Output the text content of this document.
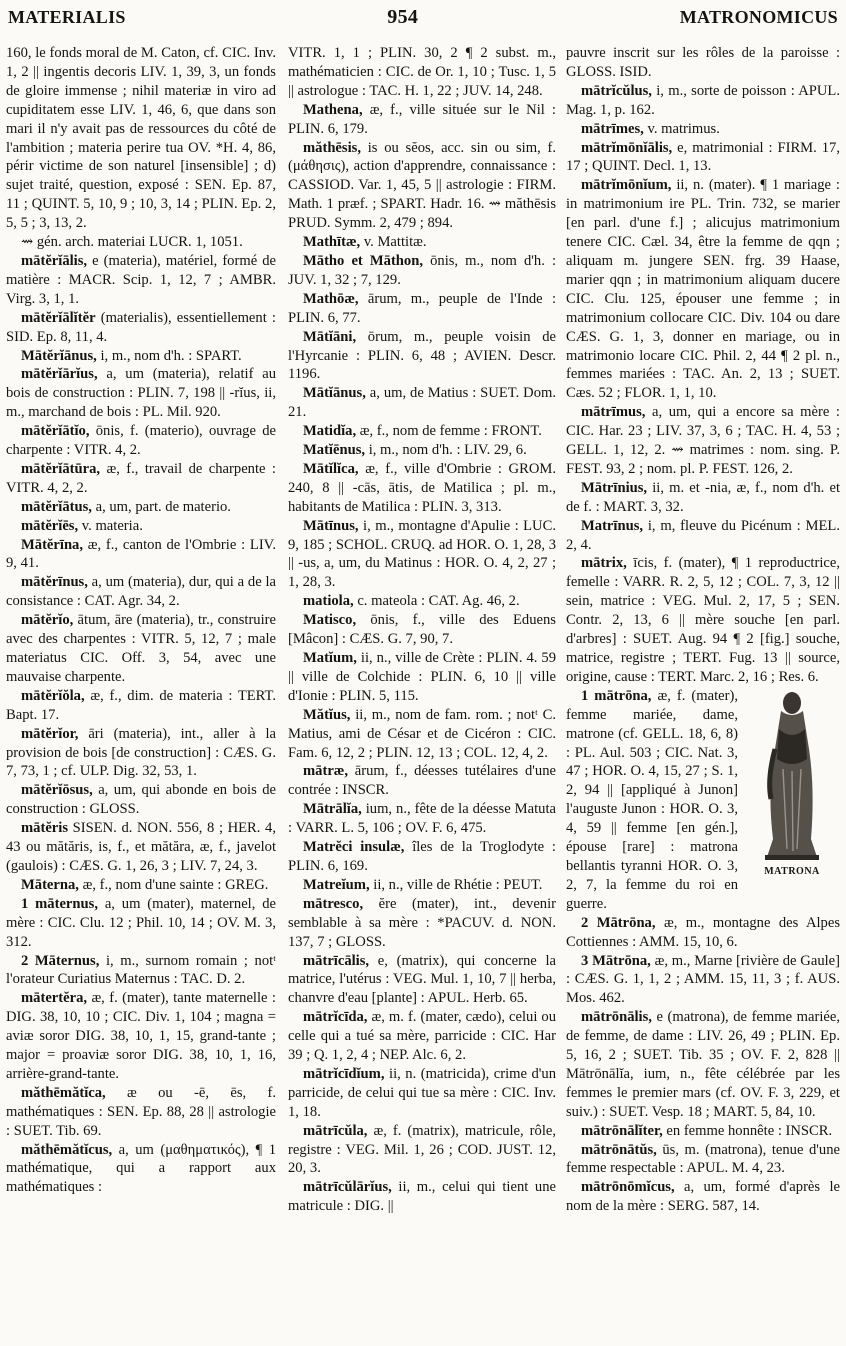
MATERIALIS	954	MATRONOMICUS

160, le fonds moral de M. Caton, cf. CIC. Inv. 1, 2 || ingentis decoris LIV. 1, 39, 3, un fonds de gloire immense ; nihil materiæ in viro ad cupiditatem esse LIV. 1, 46, 6, que dans son mari il n'y avait pas de ressources du côté de l'ambition ; materia perire tua OV. *H. 4, 86, périr victime de son naturel [insensible] ; d) sujet traité, question, exposé : SEN. Ep. 87, 11 ; QUINT. 5, 10, 9 ; 10, 3, 14 ; PLIN. Ep. 2, 5, 5 ; 3, 13, 2.

⇝ gén. arch. materiai LUCR. 1, 1051.

mātĕrĭālis, e (materia), matériel, formé de matière : MACR. Scip. 1, 12, 7 ; AMBR. Virg. 3, 1, 1.

mātĕrĭālĭtĕr (materialis), essentiellement : SID. Ep. 8, 11, 4.

Mātĕrĭānus, i, m., nom d'h. : SPART.

mātĕrĭārĭus, a, um (materia), relatif au bois de construction : PLIN. 7, 198 || -rĭus, ii, m., marchand de bois : PL. Mil. 920.

mātĕrĭātĭo, ōnis, f. (materio), ouvrage de charpente : VITR. 4, 2.

mātĕrĭātūra, æ, f., travail de charpente : VITR. 4, 2, 2.

mātĕrĭātus, a, um, part. de materio.

mātĕrĭēs, v. materia.

Mātĕrīna, æ, f., canton de l'Ombrie : LIV. 9, 41.

mātĕrīnus, a, um (materia), dur, qui a de la consistance : CAT. Agr. 34, 2.

mātĕrĭo, ātum, āre (materia), tr., construire avec des charpentes : VITR. 5, 12, 7 ; male materiatus CIC. Off. 3, 54, avec une mauvaise charpente.

mātĕrĭŏla, æ, f., dim. de materia : TERT. Bapt. 17.

mātĕrĭor, āri (materia), int., aller à la provision de bois [de construction] : CÆS. G. 7, 73, 1 ; cf. ULP. Dig. 32, 53, 1.

mātĕrĭōsus, a, um, qui abonde en bois de construction : GLOSS.

mātĕris SISEN. d. NON. 556, 8 ; HER. 4, 43 ou mătăris, is, f., et mătăra, æ, f., javelot (gaulois) : CÆS. G. 1, 26, 3 ; LIV. 7, 24, 3.

Māterna, æ, f., nom d'une sainte : GREG.

1 māternus, a, um (mater), maternel, de mère : CIC. Clu. 12 ; Phil. 10, 14 ; OV. M. 3, 312.

2 Māternus, i, m., surnom romain ; notᵗ l'orateur Curiatius Maternus : TAC. D. 2.

mātertĕra, æ, f. (mater), tante maternelle : DIG. 38, 10, 10 ; CIC. Div. 1, 104 ; magna = aviæ soror DIG. 38, 10, 1, 15, grand-tante ; major = proaviæ soror DIG. 38, 10, 1, 16, arrière-grand-tante.

măthēmătĭca, æ ou -ē, ēs, f. mathématiques : SEN. Ep. 88, 28 || astrologie : SUET. Tib. 69.

măthēmătĭcus, a, um (μαθηματικός), ¶ 1 mathématique, qui a rapport aux mathématiques :

VITR. 1, 1 ; PLIN. 30, 2 ¶ 2 subst. m., mathématicien : CIC. de Or. 1, 10 ; Tusc. 1, 5 || astrologue : TAC. H. 1, 22 ; JUV. 14, 248.

Mathena, æ, f., ville située sur le Nil : PLIN. 6, 179.

măthēsis, is ou sĕos, acc. sin ou sim, f. (μάθησις), action d'apprendre, connaissance : CASSIOD. Var. 1, 45, 5 || astrologie : FIRM. Math. 1 præf. ; SPART. Hadr. 16. ⇝ măthēsis PRUD. Symm. 2, 479 ; 894.

Mathītæ, v. Mattitæ.

Mātho et Māthon, ōnis, m., nom d'h. : JUV. 1, 32 ; 7, 129.

Mathōæ, ārum, m., peuple de l'Inde : PLIN. 6, 77.

Mātĭāni, ōrum, m., peuple voisin de l'Hyrcanie : PLIN. 6, 48 ; AVIEN. Descr. 1196.

Mātĭānus, a, um, de Matius : SUET. Dom. 21.

Matidĭa, æ, f., nom de femme : FRONT.

Matĭēnus, i, m., nom d'h. : LIV. 29, 6.

Mātĭlĭca, æ, f., ville d'Ombrie : GROM. 240, 8 || -cās, ātis, de Matilica ; pl. m., habitants de Matilica : PLIN. 3, 313.

Mātīnus, i, m., montagne d'Apulie : LUC. 9, 185 ; SCHOL. CRUQ. ad HOR. O. 1, 28, 3 || -us, a, um, du Matinus : HOR. O. 4, 2, 27 ; 1, 28, 3.

matiola, c. mateola : CAT. Ag. 46, 2.

Matisco, ōnis, f., ville des Eduens [Mâcon] : CÆS. G. 7, 90, 7.

Matĭum, ii, n., ville de Crète : PLIN. 4. 59 || ville de Colchide : PLIN. 6, 10 || ville d'Ionie : PLIN. 5, 115.

Mătĭus, ii, m., nom de fam. rom. ; notᵗ C. Matius, ami de César et de Cicéron : CIC. Fam. 6, 12, 2 ; PLIN. 12, 13 ; COL. 12, 4, 2.

mātræ, ārum, f., déesses tutélaires d'une contrée : INSCR.

Mātrālĭa, ium, n., fête de la déesse Matuta : VARR. L. 5, 106 ; OV. F. 6, 475.

Matrĕci insulæ, îles de la Troglodyte : PLIN. 6, 169.

Matreĭum, ii, n., ville de Rhétie : PEUT.

mātresco, ĕre (mater), int., devenir semblable à sa mère : *PACUV. d. NON. 137, 7 ; GLOSS.

mātrīcālis, e, (matrix), qui concerne la matrice, l'utérus : VEG. Mul. 1, 10, 7 || herba, chanvre d'eau [plante] : APUL. Herb. 65.

mātrĭcīda, æ, m. f. (mater, cædo), celui ou celle qui a tué sa mère, parricide : CIC. Har 39 ; Q. 1, 2, 4 ; NEP. Alc. 6, 2.

mātrĭcīdĭum, ii, n. (matricida), crime d'un parricide, de celui qui tue sa mère : CIC. Inv. 1, 18.

mātrīcŭla, æ, f. (matrix), matricule, rôle, registre : VEG. Mil. 1, 26 ; COD. JUST. 12, 20, 3.

mātrīcŭlārĭus, ii, m., celui qui tient une matricule : DIG. ||

pauvre inscrit sur les rôles de la paroisse : GLOSS. ISID.

mātrĭcŭlus, i, m., sorte de poisson : APUL. Mag. 1, p. 162.

mātrīmes, v. matrimus.

mātrĭmōnĭālis, e, matrimonial : FIRM. 17, 17 ; QUINT. Decl. 1, 13.

mātrĭmōnĭum, ii, n. (mater). ¶ 1 mariage : in matrimonium ire PL. Trin. 732, se marier [en parl. d'une f.] ; alicujus matrimonium tenere CIC. Cæl. 34, être la femme de qqn ; aliquam m. jungere SEN. frg. 39 Haase, marier qqn ; in matrimonium aliquam ducere CIC. Clu. 125, épouser une femme ; in matrimonium collocare CIC. Div. 104 ou dare CÆS. G. 1, 3, donner en mariage, ou in matrimonio locare CIC. Phil. 2, 44 ¶ 2 pl. n., femmes mariées : TAC. An. 2, 13 ; SUET. Cæs. 52 ; FLOR. 1, 1, 10.

mātrīmus, a, um, qui a encore sa mère : CIC. Har. 23 ; LIV. 37, 3, 6 ; TAC. H. 4, 53 ; GELL. 1, 12, 2. ⇝ matrimes : nom. sing. P. FEST. 93, 2 ; nom. pl. P. FEST. 126, 2.

Mātrīnius, ii, m. et -nia, æ, f., nom d'h. et de f. : MART. 3, 32.

Matrīnus, i, m, fleuve du Picénum : MEL. 2, 4.

mātrix, īcis, f. (mater), ¶ 1 reproductrice, femelle : VARR. R. 2, 5, 12 ; COL. 7, 3, 12 || sein, matrice : VEG. Mul. 2, 17, 5 ; SEN. Contr. 2, 13, 6 || mère souche [en parl. d'arbres] : SUET. Aug. 94 ¶ 2 [fig.] souche, matrice, registre ; TERT. Fug. 13 || source, origine, cause : TERT. Marc. 2, 16 ; Res. 6.

MATRONA
1 mātrōna, æ, f. (mater), femme mariée, dame, matrone (cf. GELL. 18, 6, 8) : PL. Aul. 503 ; CIC. Nat. 3, 47 ; HOR. O. 4, 15, 27 ; S. 1, 2, 94 || [appliqué à Junon] l'auguste Junon : HOR. O. 3, 4, 59 || femme [en gén.], épouse [rare] : matrona bellantis tyranni HOR. O. 3, 2, 7, la femme du roi en guerre.

2 Mātrōna, æ, m., montagne des Alpes Cottiennes : AMM. 15, 10, 6.

3 Mātrōna, æ, m., Marne [rivière de Gaule] : CÆS. G. 1, 1, 2 ; AMM. 15, 11, 3 ; f. AUS. Mos. 462.

mātrōnālis, e (matrona), de femme mariée, de femme, de dame : LIV. 26, 49 ; PLIN. Ep. 5, 16, 2 ; SUET. Tib. 35 ; OV. F. 2, 828 || Mātrōnālĭa, ium, n., fête célébrée par les femmes le premier mars (cf. OV. F. 3, 229, et suiv.) : SUET. Vesp. 18 ; MART. 5, 84, 10.

mātrōnālĭter, en femme honnête : INSCR.

mātrōnātŭs, ūs, m. (matrona), tenue d'une femme respectable : APUL. M. 4, 23.

mātrōnōmĭcus, a, um, formé d'après le nom de la mère : SERG. 587, 14.
